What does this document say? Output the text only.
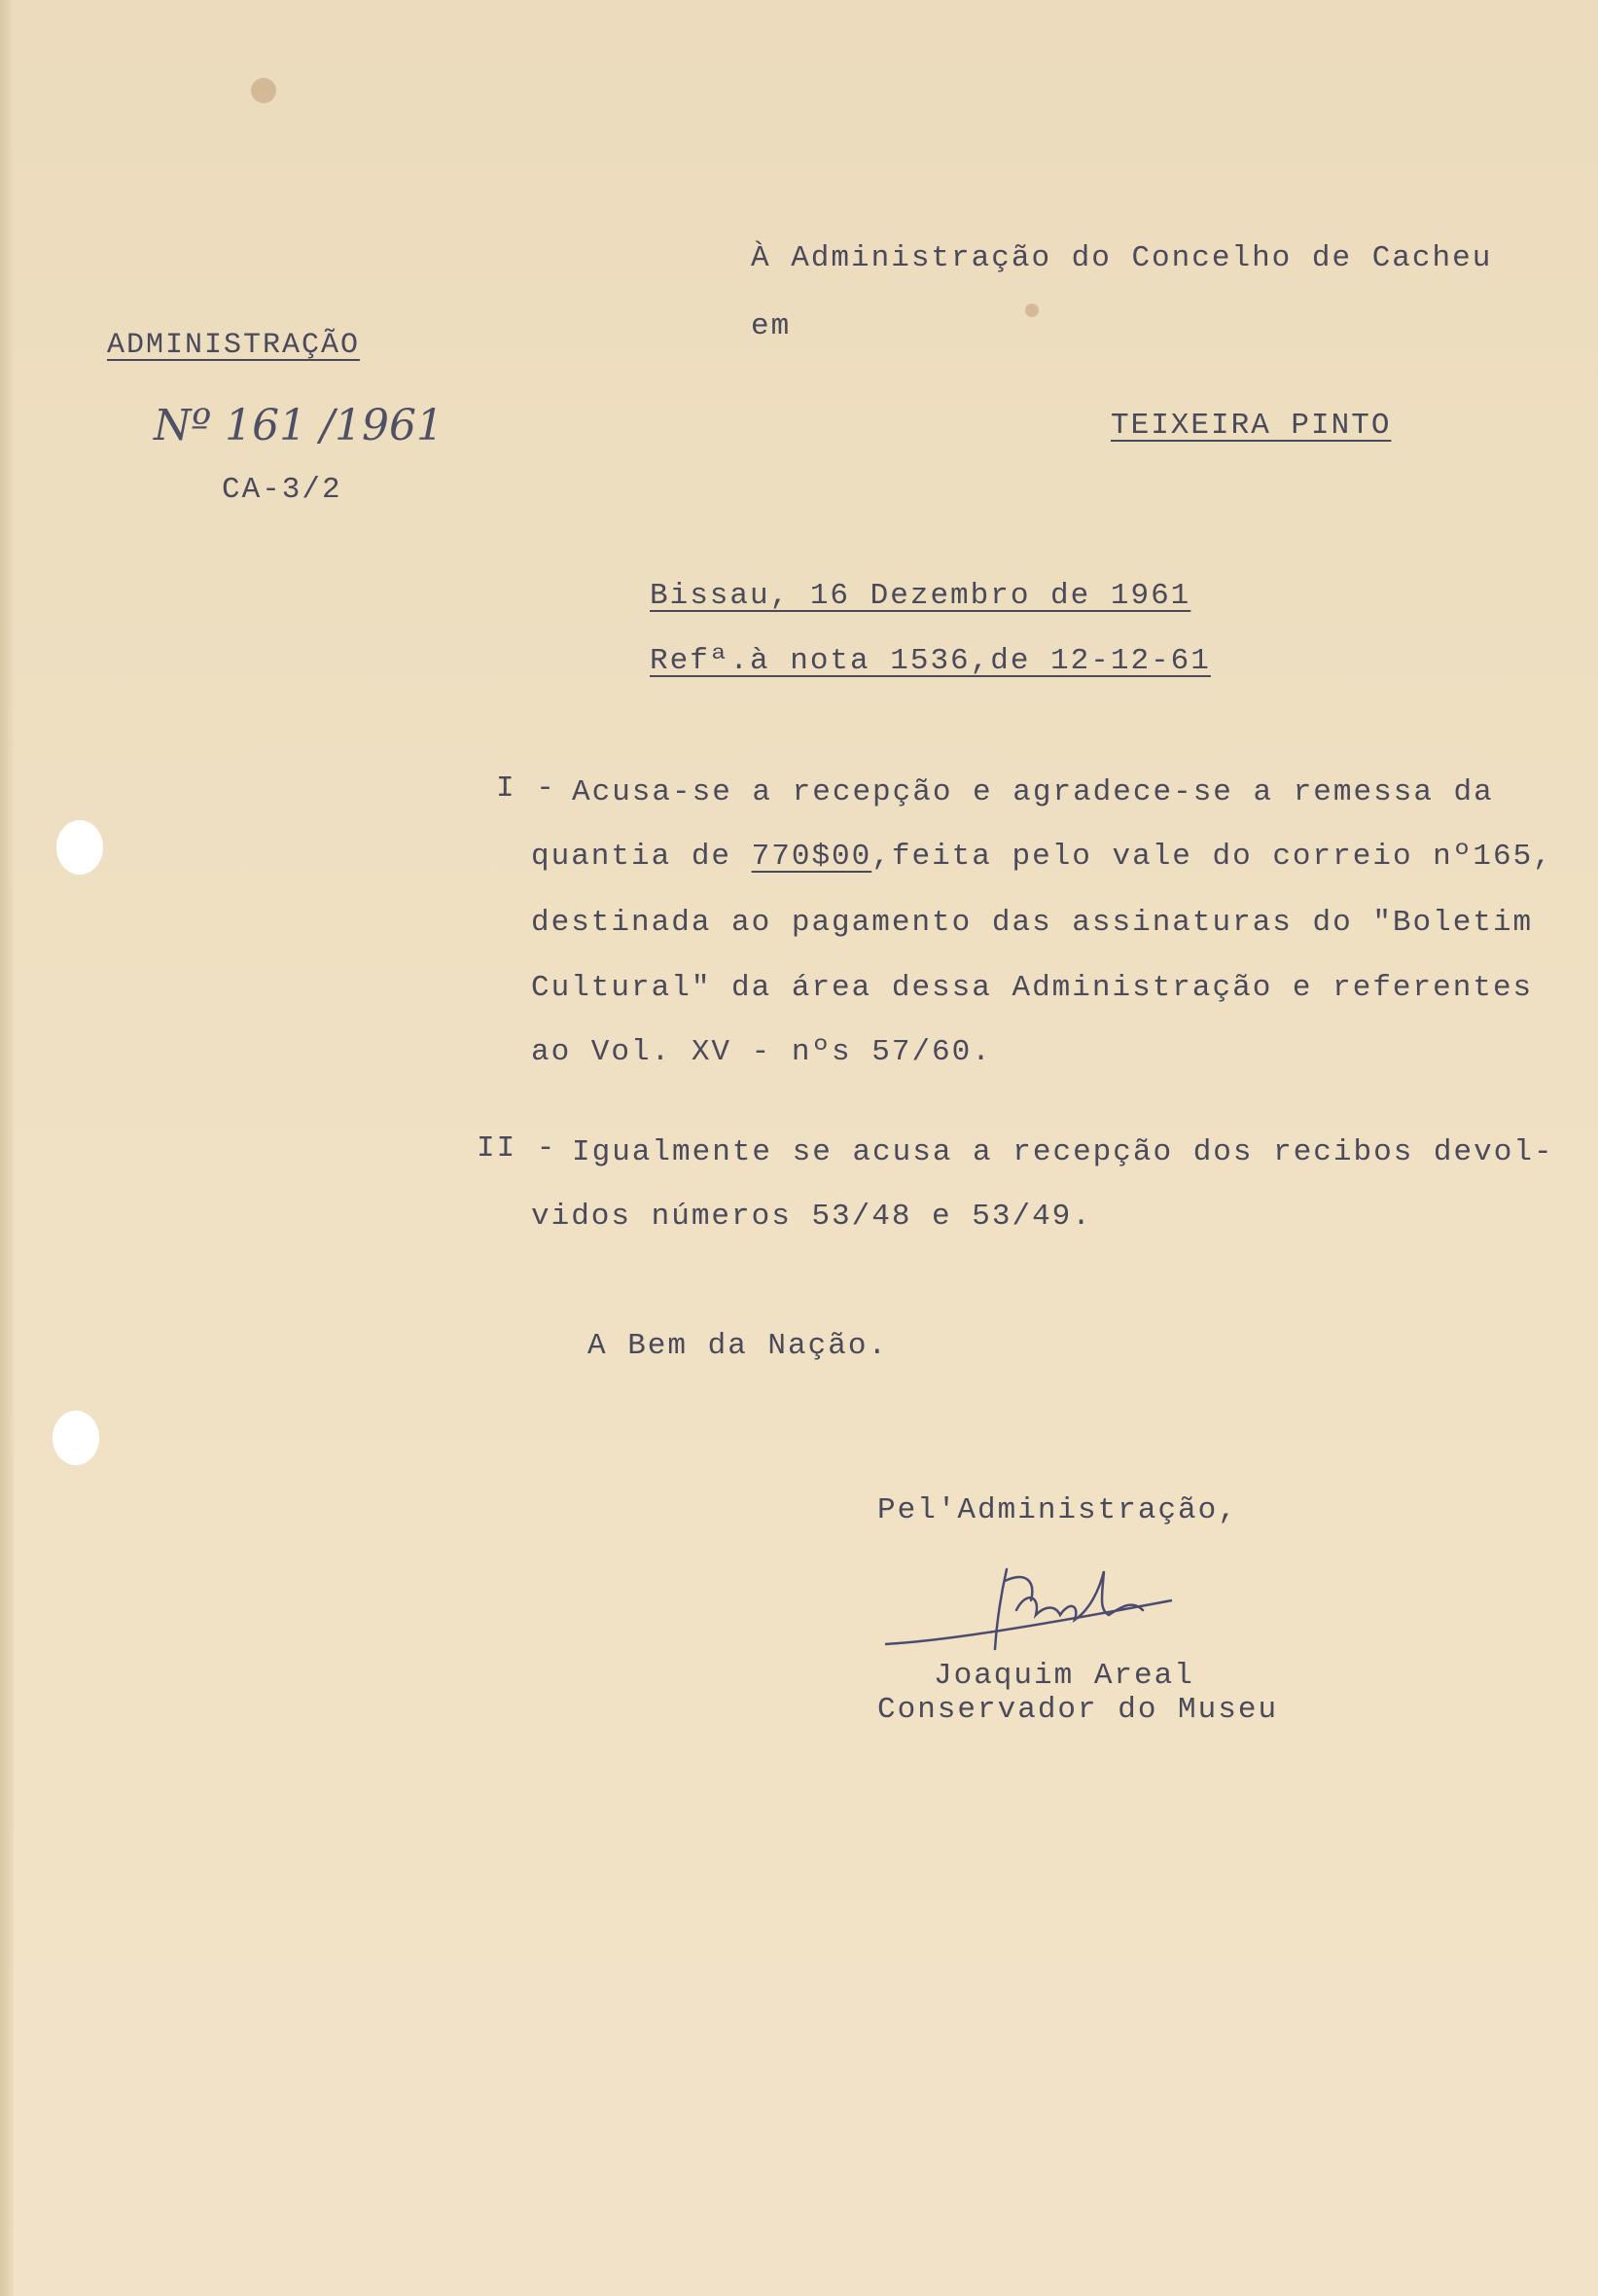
À Administração do Concelho de Cacheu
em
TEIXEIRA PINTO
ADMINISTRAÇÃO
Nº 161 /1961
CA-3/2
Bissau, 16 Dezembro de 1961
Refª.à nota 1536,de 12-12-61
I - Acusa-se a recepção e agradece-se a remessa da
quantia de 770$00,feita pelo vale do correio nº165,
destinada ao pagamento das assinaturas do "Boletim
Cultural" da área dessa Administração e referentes
ao Vol. XV - nºs 57/60.
II - Igualmente se acusa a recepção dos recibos devol-
vidos números 53/48 e 53/49.
A Bem da Nação.
Pel'Administração,
Joaquim Areal
Conservador do Museu
